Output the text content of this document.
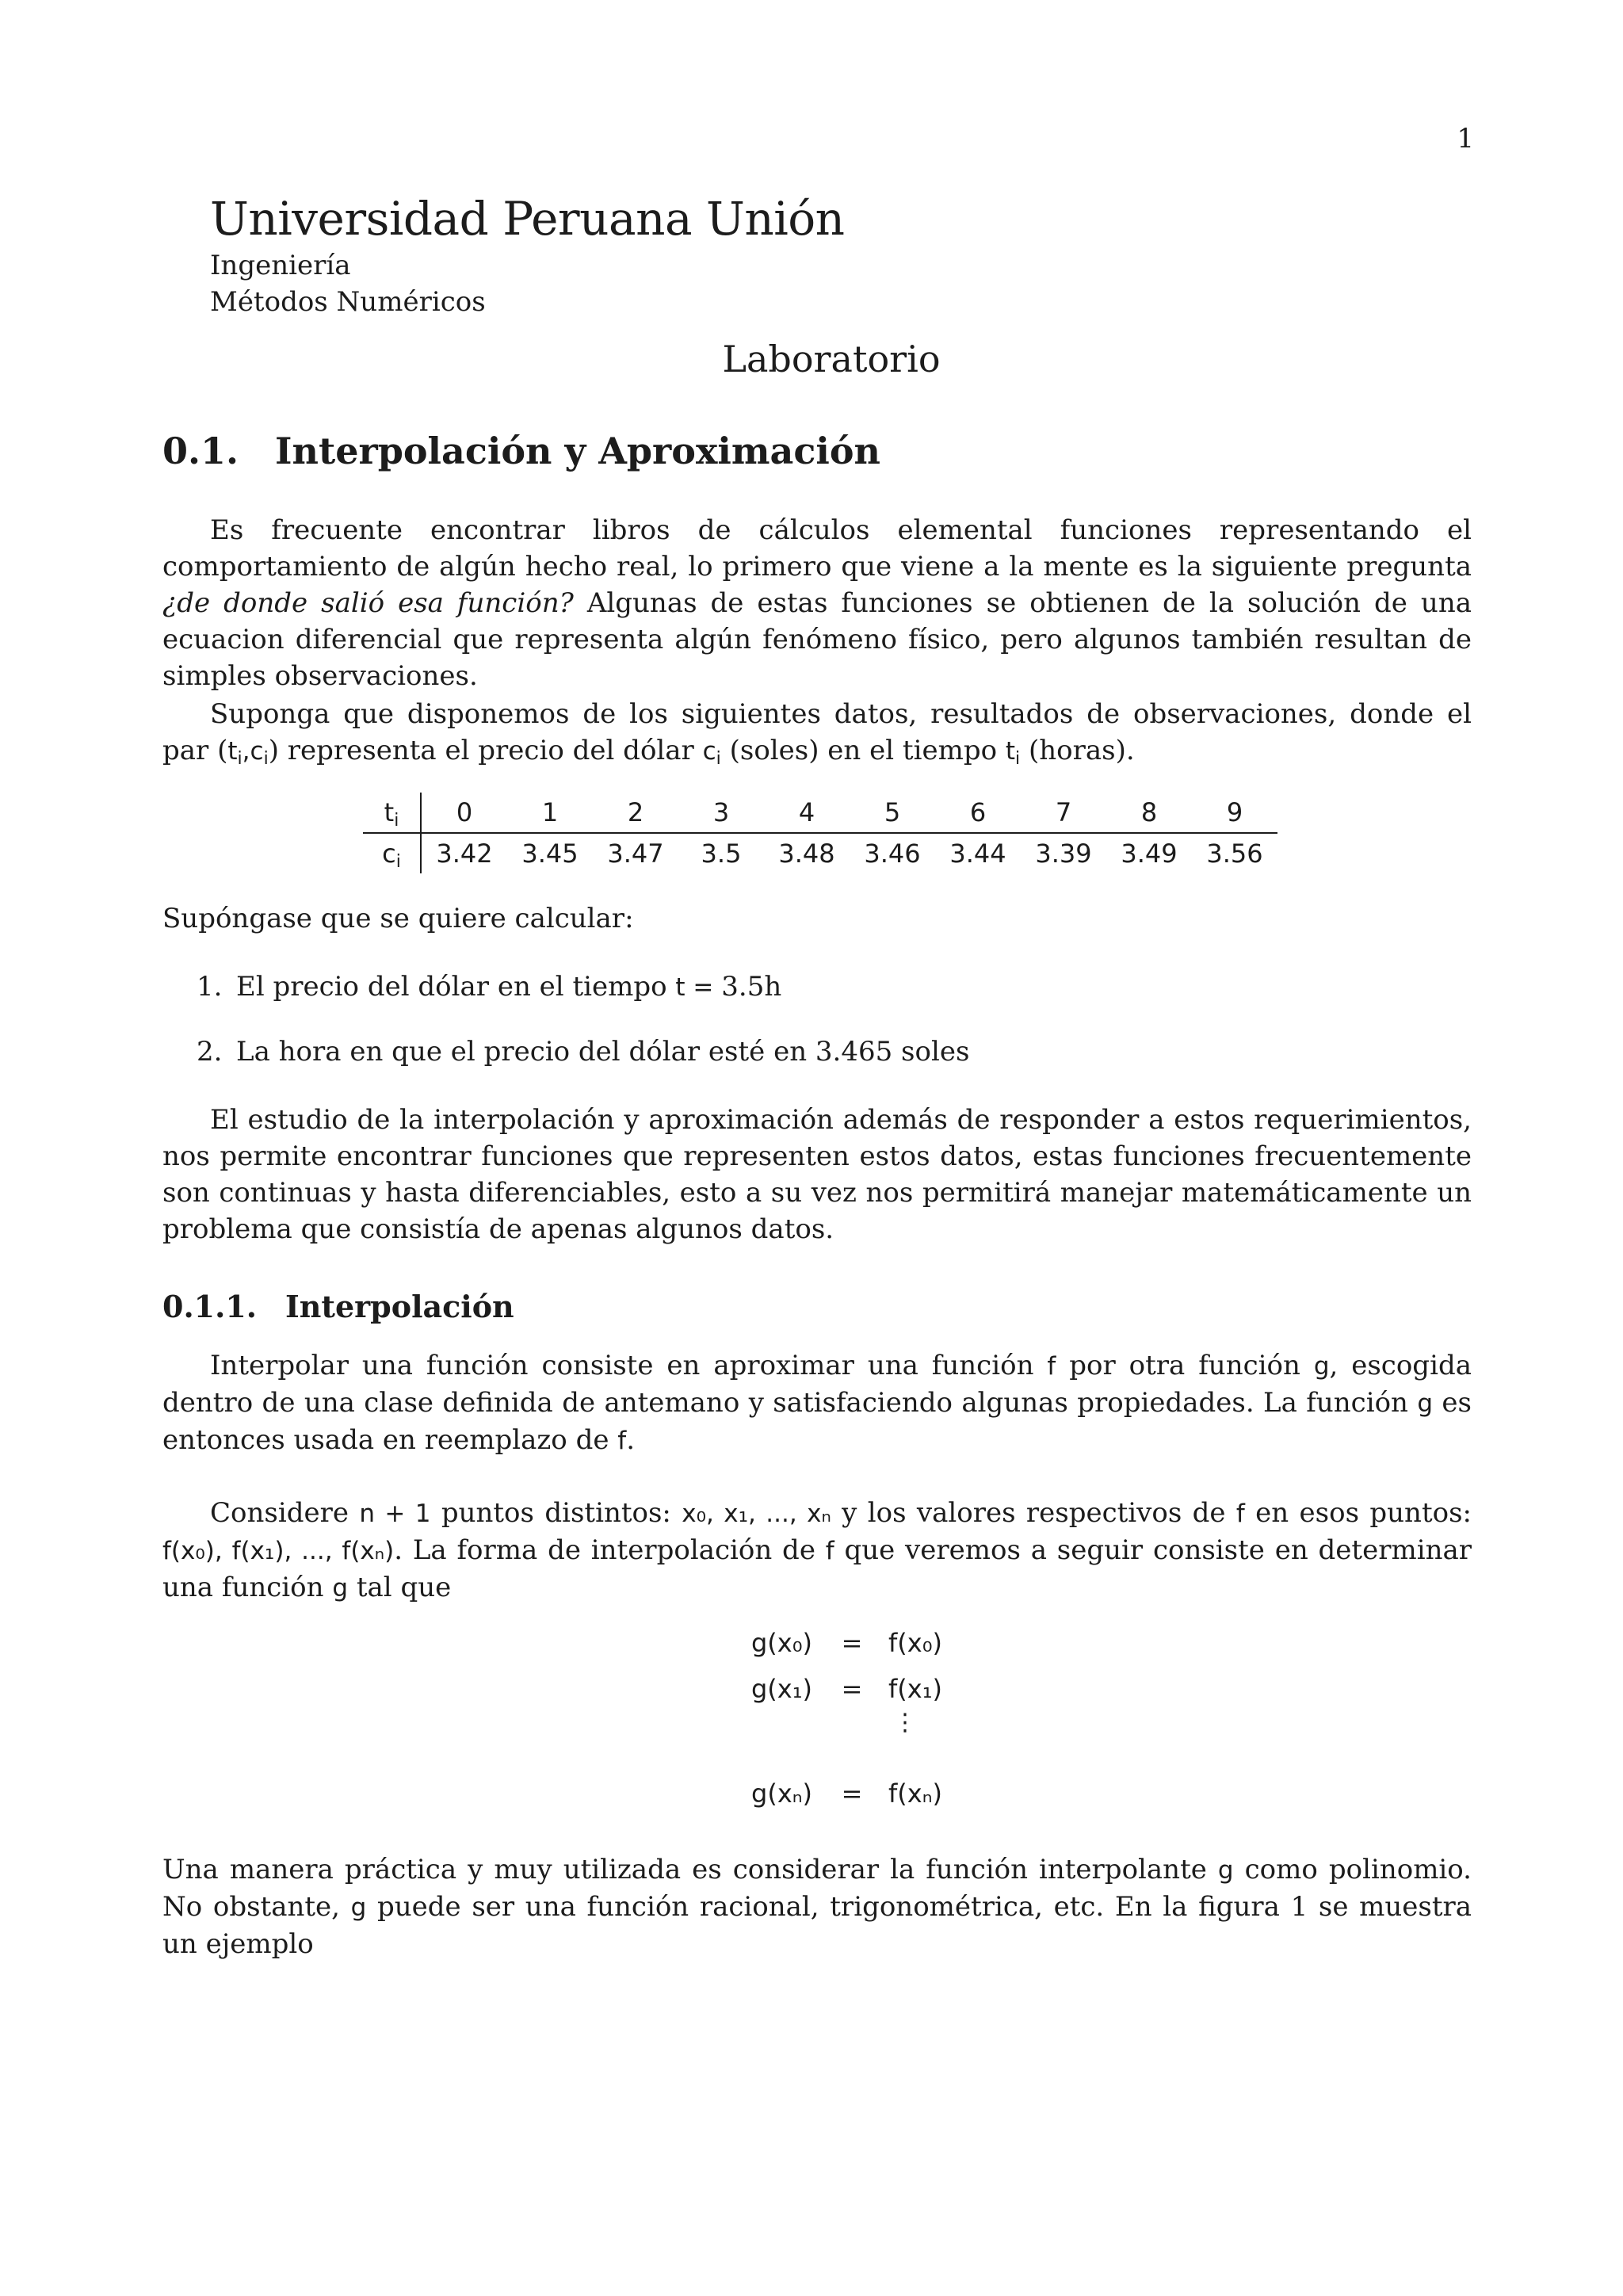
1
Universidad Peruana Unión
Ingeniería
Métodos Numéricos
Laboratorio
0.1. Interpolación y Aproximación
Es frecuente encontrar libros de cálculos elemental funciones representando el comportamiento de algún hecho real, lo primero que viene a la mente es la siguiente pregunta ¿de donde salió esa función? Algunas de estas funciones se obtienen de la solución de una ecuacion diferencial que representa algún fenómeno físico, pero algunos también resultan de simples observaciones.
Suponga que disponemos de los siguientes datos, resultados de observaciones, donde el par $(t_i,c_i)$ representa el precio del dólar $c_i$ (soles) en el tiempo $t_i$ (horas).
$t_i$	0	1	2	3	4	5	6	7	8	9
$c_i$	3.42	3.45	3.47	3.5	3.48	3.46	3.44	3.39	3.49	3.56
Supóngase que se quiere calcular:
1. El precio del dólar en el tiempo t = 3.5h
2. La hora en que el precio del dólar esté en 3.465 soles
El estudio de la interpolación y aproximación además de responder a estos requerimientos, nos permite encontrar funciones que representen estos datos, estas funciones frecuentemente son continuas y hasta diferenciables, esto a su vez nos permitirá manejar matemáticamente un problema que consistía de apenas algunos datos.
0.1.1. Interpolación
Interpolar una función consiste en aproximar una función f por otra función g, escogida dentro de una clase definida de antemano y satisfaciendo algunas propiedades. La función g es entonces usada en reemplazo de f.
Considere n + 1 puntos distintos: x₀, x₁, ..., xₙ y los valores respectivos de f en esos puntos: f(x₀), f(x₁), ..., f(xₙ). La forma de interpolación de f que veremos a seguir consiste en determinar una función g tal que
g(x₀)	=	f(x₀)
g(x₁)	=	f(x₁)
⋮
g(xₙ)	=	f(xₙ)
Una manera práctica y muy utilizada es considerar la función interpolante g como polinomio. No obstante, g puede ser una función racional, trigonométrica, etc. En la figura 1 se muestra un ejemplo
